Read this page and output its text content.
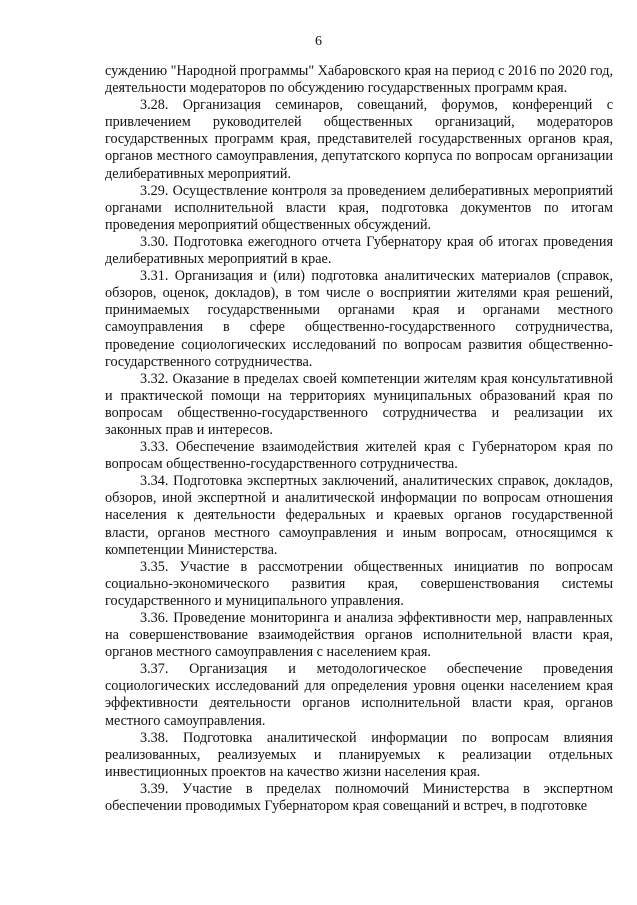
6

суждению "Народной программы" Хабаровского края на период с 2016 по 2020 год, деятельности модераторов по обсуждению государственных программ края.

3.28. Организация семинаров, совещаний, форумов, конференций с привлечением руководителей общественных организаций, модераторов государственных программ края, представителей государственных органов края, органов местного самоуправления, депутатского корпуса по вопросам организации делиберативных мероприятий.

3.29. Осуществление контроля за проведением делиберативных мероприятий органами исполнительной власти края, подготовка документов по итогам проведения мероприятий общественных обсуждений.

3.30. Подготовка ежегодного отчета Губернатору края об итогах проведения делиберативных мероприятий в крае.

3.31. Организация и (или) подготовка аналитических материалов (справок, обзоров, оценок, докладов), в том числе о восприятии жителями края решений, принимаемых государственными органами края и органами местного самоуправления в сфере общественно-государственного сотрудничества, проведение социологических исследований по вопросам развития общественно-государственного сотрудничества.

3.32. Оказание в пределах своей компетенции жителям края консультативной и практической помощи на территориях муниципальных образований края по вопросам общественно-государственного сотрудничества и реализации их законных прав и интересов.

3.33. Обеспечение взаимодействия жителей края с Губернатором края по вопросам общественно-государственного сотрудничества.

3.34. Подготовка экспертных заключений, аналитических справок, докладов, обзоров, иной экспертной и аналитической информации по вопросам отношения населения к деятельности федеральных и краевых органов государственной власти, органов местного самоуправления и иным вопросам, относящимся к компетенции Министерства.

3.35. Участие в рассмотрении общественных инициатив по вопросам социально-экономического развития края, совершенствования системы государственного и муниципального управления.

3.36. Проведение мониторинга и анализа эффективности мер, направленных на совершенствование взаимодействия органов исполнительной власти края, органов местного самоуправления с населением края.

3.37. Организация и методологическое обеспечение проведения социологических исследований для определения уровня оценки населением края эффективности деятельности органов исполнительной власти края, органов местного самоуправления.

3.38. Подготовка аналитической информации по вопросам влияния реализованных, реализуемых и планируемых к реализации отдельных инвестиционных проектов на качество жизни населения края.

3.39. Участие в пределах полномочий Министерства в экспертном обеспечении проводимых Губернатором края совещаний и встреч, в подготовке
